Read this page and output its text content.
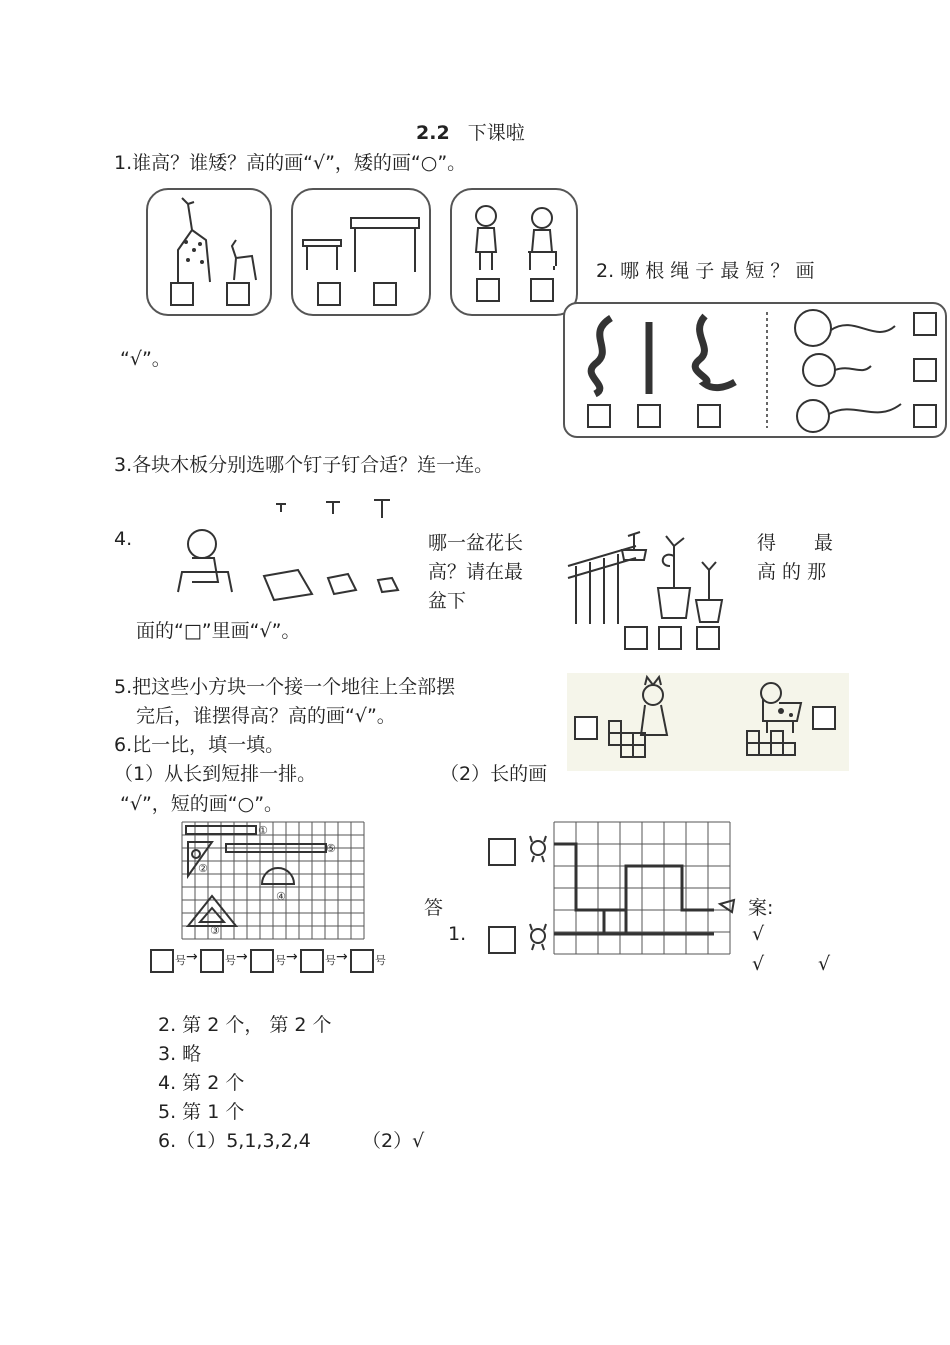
2.2 下课啦
1.谁高？谁矮？高的画“√”，矮的画“○”。
2. 哪 根 绳 子 最 短 ？ 画
“√”。
3.各块木板分别选哪个钉子钉合适？连一连。
4.	哪一盆花长
高？请在最
盆下
得　　最
高 的 那
面的“□”里画“√”。
5.把这些小方块一个接一个地往上全部摆
完后，谁摆得高？高的画“√”。
6.比一比，填一填。
（1）从长到短排一排。	（2）长的画
“√”，短的画“○”。
①
②
③
④
⑤
号 → 号 → 号 → 号 → 号
答	案:
1.	√
√	√
2. 第 2 个， 第 2 个
3. 略
4. 第 2 个
5. 第 1 个
6.（1）5,1,3,2,4	（2）√
